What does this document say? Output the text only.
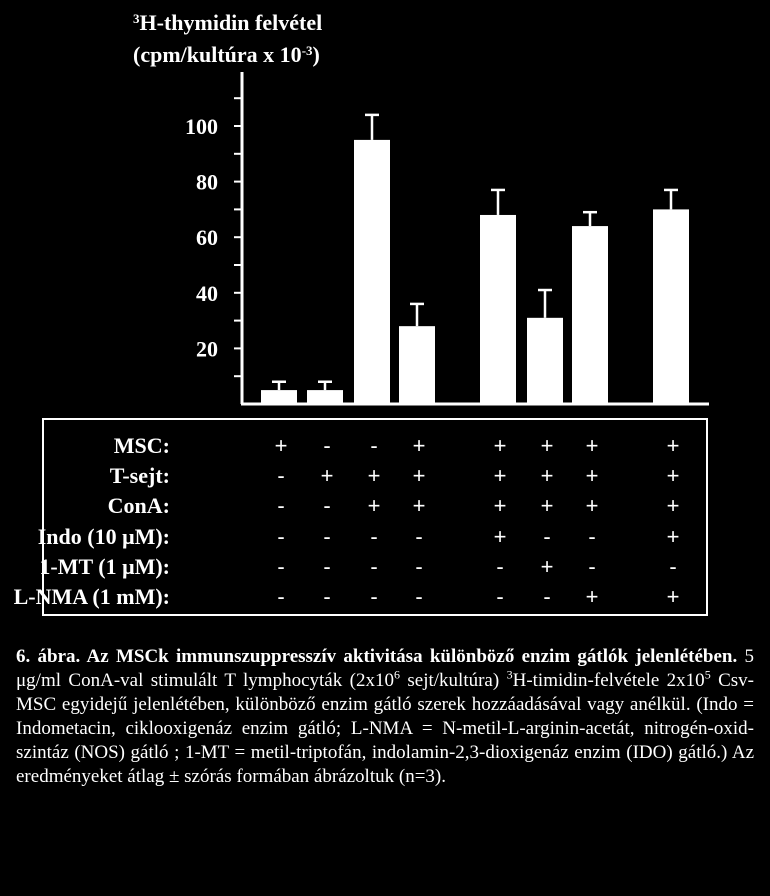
20
40
60
80
100
$^3$H-thymidin felvétel
(cpm/kultúra x $10^{-3}$)
MSC:	+	-	-	+	+	+	+	+
T-sejt:	-	+	+	+	+	+	+	+
ConA:	-	-	+	+	+	+	+	+
Indo (10 μM):	-	-	-	-	+	-	-	+
1-MT (1 μM):	-	-	-	-	-	+	-	-
L-NMA (1 mM):	-	-	-	-	-	-	+	+
6. ábra. Az MSCk immunszuppresszív aktivitása különböző enzim gátlók jelenlétében. 5 μg/ml ConA-val stimulált T lymphocyták ($2x10^6$ sejt/kultúra) $^3$H-timidin-felvétele $2x10^5$ Csv-MSC egyidejű jelenlétében, különböző enzim gátló szerek hozzáadásával vagy anélkül. (Indo = Indometacin, ciklooxigenáz enzim gátló; L-NMA = N-metil-L-arginin-acetát, nitrogén-oxid-szintáz (NOS) gátló ; 1-MT = metil-triptofán, indolamin-2,3-dioxigenáz enzim (IDO) gátló.) Az eredményeket átlag ± szórás formában ábrázoltuk (n=3).
